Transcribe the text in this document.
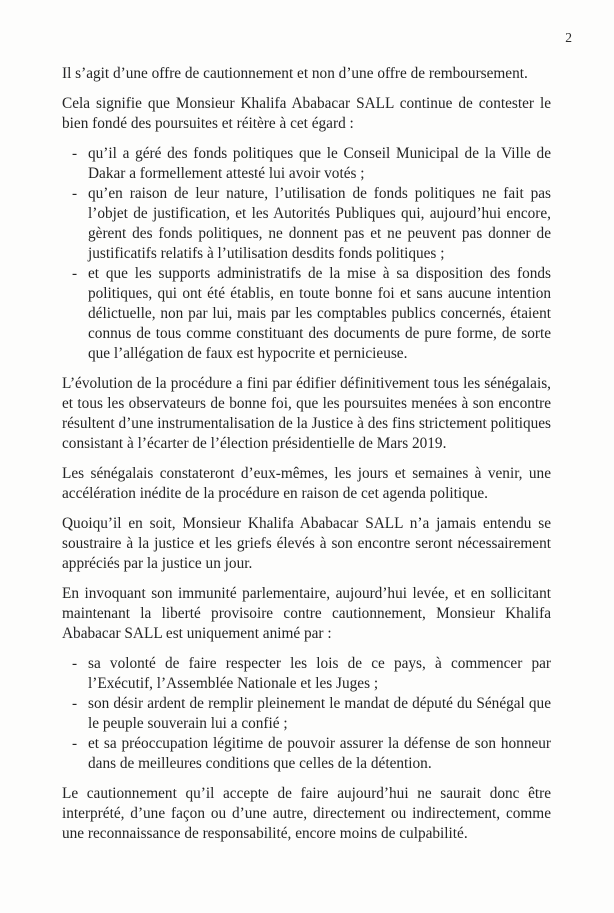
2

Il s’agit d’une offre de cautionnement et non d’une offre de remboursement.

Cela signifie que Monsieur Khalifa Ababacar SALL continue de contester le bien fondé des poursuites et réitère à cet égard :

- qu’il a géré des fonds politiques que le Conseil Municipal de la Ville de Dakar a formellement attesté lui avoir votés ;
- qu’en raison de leur nature, l’utilisation de fonds politiques ne fait pas l’objet de justification, et les Autorités Publiques qui, aujourd’hui encore, gèrent des fonds politiques, ne donnent pas et ne peuvent pas donner de justificatifs relatifs à l’utilisation desdits fonds politiques ;
- et que les supports administratifs de la mise à sa disposition des fonds politiques, qui ont été établis, en toute bonne foi et sans aucune intention délictuelle, non par lui, mais par les comptables publics concernés, étaient connus de tous comme constituant des documents de pure forme, de sorte que l’allégation de faux est hypocrite et pernicieuse.

L’évolution de la procédure a fini par édifier définitivement tous les sénégalais, et tous les observateurs de bonne foi, que les poursuites menées à son encontre résultent d’une instrumentalisation de la Justice à des fins strictement politiques consistant à l’écarter de l’élection présidentielle de Mars 2019.

Les sénégalais constateront d’eux-mêmes, les jours et semaines à venir, une accélération inédite de la procédure en raison de cet agenda politique.

Quoiqu’il en soit, Monsieur Khalifa Ababacar SALL n’a jamais entendu se soustraire à la justice et les griefs élevés à son encontre seront nécessairement appréciés par la justice un jour.

En invoquant son immunité parlementaire, aujourd’hui levée, et en sollicitant maintenant la liberté provisoire contre cautionnement, Monsieur Khalifa Ababacar SALL est uniquement animé par :

- sa volonté de faire respecter les lois de ce pays, à commencer par l’Exécutif, l’Assemblée Nationale et les Juges ;
- son désir ardent de remplir pleinement le mandat de député du Sénégal que le peuple souverain lui a confié ;
- et sa préoccupation légitime de pouvoir assurer la défense de son honneur dans de meilleures conditions que celles de la détention.

Le cautionnement qu’il accepte de faire aujourd’hui ne saurait donc être interprété, d’une façon ou d’une autre, directement ou indirectement, comme une reconnaissance de responsabilité, encore moins de culpabilité.
